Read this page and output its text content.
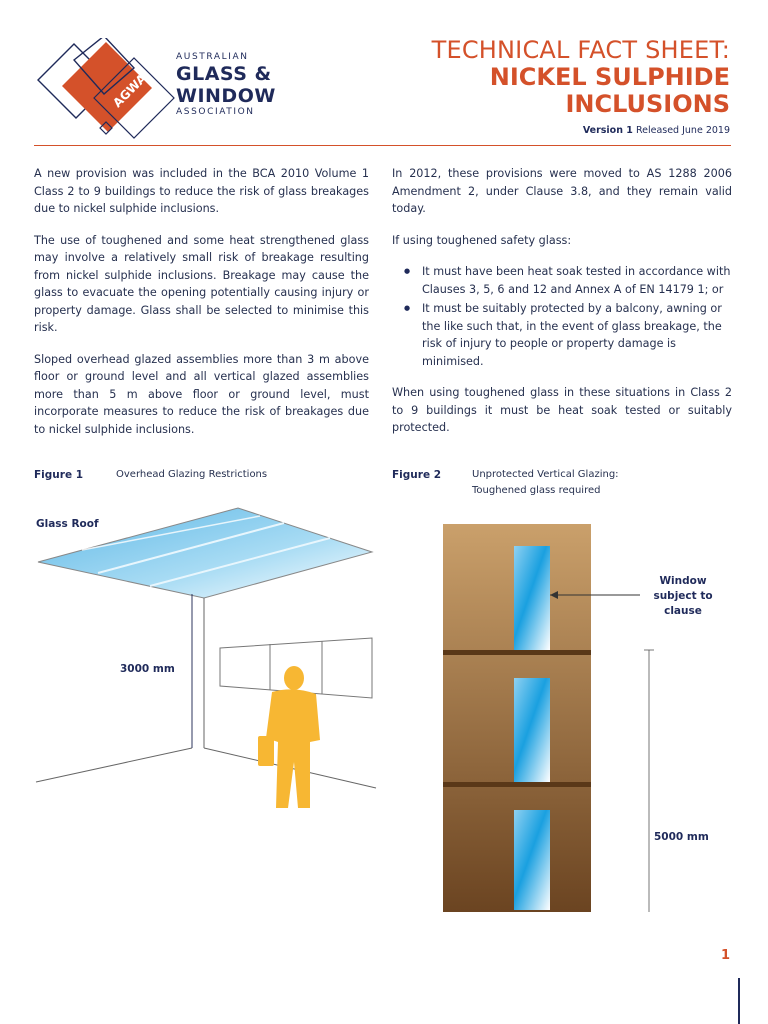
AGWA
AUSTRALIAN
GLASS &
WINDOW
ASSOCIATION
TECHNICAL FACT SHEET:
NICKEL SULPHIDE
INCLUSIONS
Version 1 Released June 2019

A new provision was included in the BCA 2010 Volume 1 Class 2 to 9 buildings to reduce the risk of glass breakages due to nickel sulphide inclusions.

The use of toughened and some heat strengthened glass may involve a relatively small risk of breakage resulting from nickel sulphide inclusions. Breakage may cause the glass to evacuate the opening potentially causing injury or property damage. Glass shall be selected to minimise this risk.

Sloped overhead glazed assemblies more than 3 m above floor or ground level and all vertical glazed assemblies more than 5 m above floor or ground level, must incorporate measures to reduce the risk of breakages due to nickel sulphide inclusions.

In 2012, these provisions were moved to AS 1288 2006 Amendment 2, under Clause 3.8, and they remain valid today.

If using toughened safety glass:

● It must have been heat soak tested in accordance with Clauses 3, 5, 6 and 12 and Annex A of EN 14179 1; or
● It must be suitably protected by a balcony, awning or the like such that, in the event of glass breakage, the risk of injury to people or property damage is minimised.

When using toughened glass in these situations in Class 2 to 9 buildings it must be heat soak tested or suitably protected.

Figure 1	Overhead Glazing Restrictions	Figure 2	Unprotected Vertical Glazing:
Toughened glass required
Glass Roof
3000 mm
Window
subject to
clause
5000 mm
1
